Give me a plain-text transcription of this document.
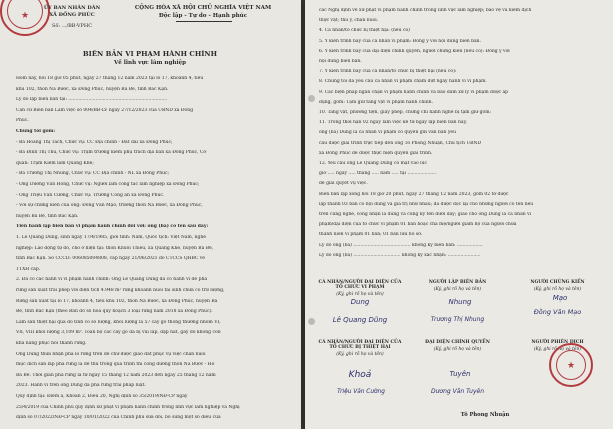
★
ỦY BAN NHÂN DÂN
XÃ ĐỒNG PHÚC
Số: .../BB-VPHC
CỘNG HÒA XÃ HỘI CHỦ NGHĨA VIỆT NAM
Độc lập - Tự do - Hạnh phúc
BIÊN BẢN VI PHẠM HÀNH CHÍNH
Về lĩnh vực lâm nghiệp
Hôm nay, hồi 18 giờ 05 phút, ngày 27 tháng 12 năm 2023 tại lô 17, khoảnh 4, tiểu
khu 102, thôn Nà Bước, xã Đồng Phúc, huyện Ba Bể, tỉnh Bắc Kạn.
Lý do lập biên bản tại: .....................................................................
Căn cứ Biên bản Làm việc số 004/BB-LV ngày 27/12/2023 của UBND xã Đồng
Phúc.
Chúng tôi gồm:
- Bà Hoàng Thị Tách, Chức vụ: CC Địa chính - Đất đai xã Đồng Phúc;
- Bà Đinh Thị Thu, Chức vụ: Trạm trưởng kiểm phụ trách địa bàn xã Đồng Phúc, Cơ
quan: Trạm Kiểm lâm Quảng Khê;
- Bà Trương Thị Nhung, Chức vụ: CC Địa chính - NL xã Đồng Phúc;
- Ông Dương Văn Hồng, Chức vụ: Người làm công tác lâm nghiệp xã Đồng Phúc;
- Ông Triệu Văn Cường, Chức vụ: Trưởng Công an xã Đồng Phúc.
- Với sự chứng kiến của ông: Đồng Văn Mạo, trưởng thôn Nà Bước, xã Đồng Phúc,
huyện Ba Bể, tỉnh Bắc Kạn.
Tiến hành lập biên bản vi phạm hành chính đối với: ông (bà) có tên sau đây:
1. Lê Quang Dũng, sinh ngày 17/4/1985, giới tính: Nam, Quốc tịch: Việt Nam, nghề
nghiệp: Lao động tự do, chỗ ở hiện tại: thôn Khuổi Thiêu, xã Quảng Khê, huyện Ba Bể,
tỉnh Bắc Kạn. Số CCCD: 006085004808, cấp ngày 21/06/2021 do CTCCS QHBC về
TTXH cấp.
2. Đã có các hành vi vi phạm hành chính: Ông Lê Quang Dũng đã có hành vi để phá
rừng sản xuất trái phép với diện tích 4.948 m² rừng khoanh nuôi tái sinh chưa có trữ lượng,
Rừng sản xuất tại lô 17, khoảnh 4, tiểu khu 102, thôn Nà Bước, xã Đồng Phúc, huyện Ba
Bể, tỉnh Bắc Kạn (theo Bản đồ số hoá quy hoạch 3 loại rừng năm 2018 xã Đồng Phúc).
Lâm sản thiệt hại qua đo tính có số lượng, khối lượng là 57 cây gỗ thông thường nhóm VI,
VII, VIII khối lượng 3,109 m³. Toàn bộ các cây gỗ đã bị vùi lấp, dập nát, gãy đổ không còn
khả năng phục hồi thành rừng.
Ông Dũng thừa nhận phá lô rừng trên để chứ được giao đất phục vụ việc chăn nuôi
mục đích sản lấp phá rừng là để thủ trong quá trình thi công đường thôn Nà Bước - Hồ
Ba Bể. Thời gian phá rừng là từ ngày 15 tháng 12 năm 2023 đến ngày 25 tháng 12 năm
2023. Hành vi trên ông Dũng đã phá rừng trái pháp luật.
Quy định tại: Điểm a, Khoản 2, Điều 20, Nghị định số 35/2019/NĐ-CP ngày
25/4/2019 của Chính phủ quy định xử phạt vi phạm hành chính trong lĩnh vực lâm nghiệp và Nghị
định số 07/2022/NĐ-CP ngày 10/01/2022 của Chính phủ sửa đổi, bổ sung một số điều của
các Nghị định về xử phạt vi phạm hành chính trong lĩnh vực lâm nghiệp; bảo vệ và kiểm dịch
thực vật; thú y, chăn nuôi.
4. Cá nhân/tổ chức bị thiệt hại: (nếu có)
5. Ý kiến trình bày của cá nhân vi phạm: Đồng ý với nội dung biên bản.
6. Ý kiến trình bày của đại diện chính quyền, người chứng kiến (nếu có): Đồng ý với
nội dung biên bản.
7. Ý kiến trình bày của cá nhân/tổ chức bị thiệt hại (nếu có):
8. Chúng tôi đã yêu cầu cá nhân vi phạm chấm dứt ngay hành vi vi phạm.
9. Các biện pháp ngăn chặn vi phạm hành chính và bảo đảm xử lý vi phạm được áp
dụng, gồm: Tạm giữ tang vật vi phạm hành chính.
10. Tang vật, phương tiện, giấy phép, chứng chỉ hành nghề bị tạm giữ gồm:
11. Trong thời hạn 02 ngày làm việc kể từ ngày lập biên bản này,
ông (bà) Dũng là cá nhân vi phạm có quyền gửi văn bản yêu
cầu được giải trình trực tiếp đến ông Tô Phong Nhuận, Chủ tịch UBND
xã Đồng Phúc để được thực hiện quyền giải trình.
12. Yêu cầu ông Lê Quang Dũng có mặt vào lúc
giờ ..... ngày ..... tháng ..... năm ..... tại ....................
để giải quyết vụ việc.
Biên bản lập xong hồi 18 giờ 20 phút, ngày 27 tháng 12 năm 2023, gồm 02 tờ được
lập thành 03 bản có nội dung và giá trị như nhau; đã được đọc lại cho những người có tên nêu
trên cùng nghe, công nhận là đúng và cùng ký tên dưới đây; giao cho ông Dũng là cá nhân vi
phạm/đại diện của tổ chức vi phạm 01 bản hoặc cha mẹ/người giám hộ của người chưa
thành niên vi phạm 01 bản; 01 bản lưu hồ sơ.
Lý do ông (bà) ........................................ không ký biên bản: ..................
Lý do ông (bà) ................................. không ký xác nhận: .......................
CÁ NHÂN/NGƯỜI ĐẠI DIỆN CỦA TỔ CHỨC VI PHẠM
(Ký, ghi rõ họ và tên)
NGƯỜI LẬP BIÊN BẢN
(Ký, ghi rõ họ và tên)
NGƯỜI CHỨNG KIẾN
(Ký, ghi rõ họ và tên)
Dung
Lê Quang Dũng
Nhung
Trương Thị Nhung
Mạo
Đồng Văn Mạo
CÁ NHÂN/NGƯỜI ĐẠI DIỆN CỦA TỔ CHỨC BỊ THIỆT HẠI
(Ký, ghi rõ họ và tên)
ĐẠI DIỆN CHÍNH QUYỀN
(Ký, ghi rõ họ và tên)
NGƯỜI PHIÊN DỊCH
(Ký, ghi rõ họ và tên)
★
Khoả
Triệu Văn Cường
Tuyên
Dương Văn Tuyên
Tô Phong Nhuận
